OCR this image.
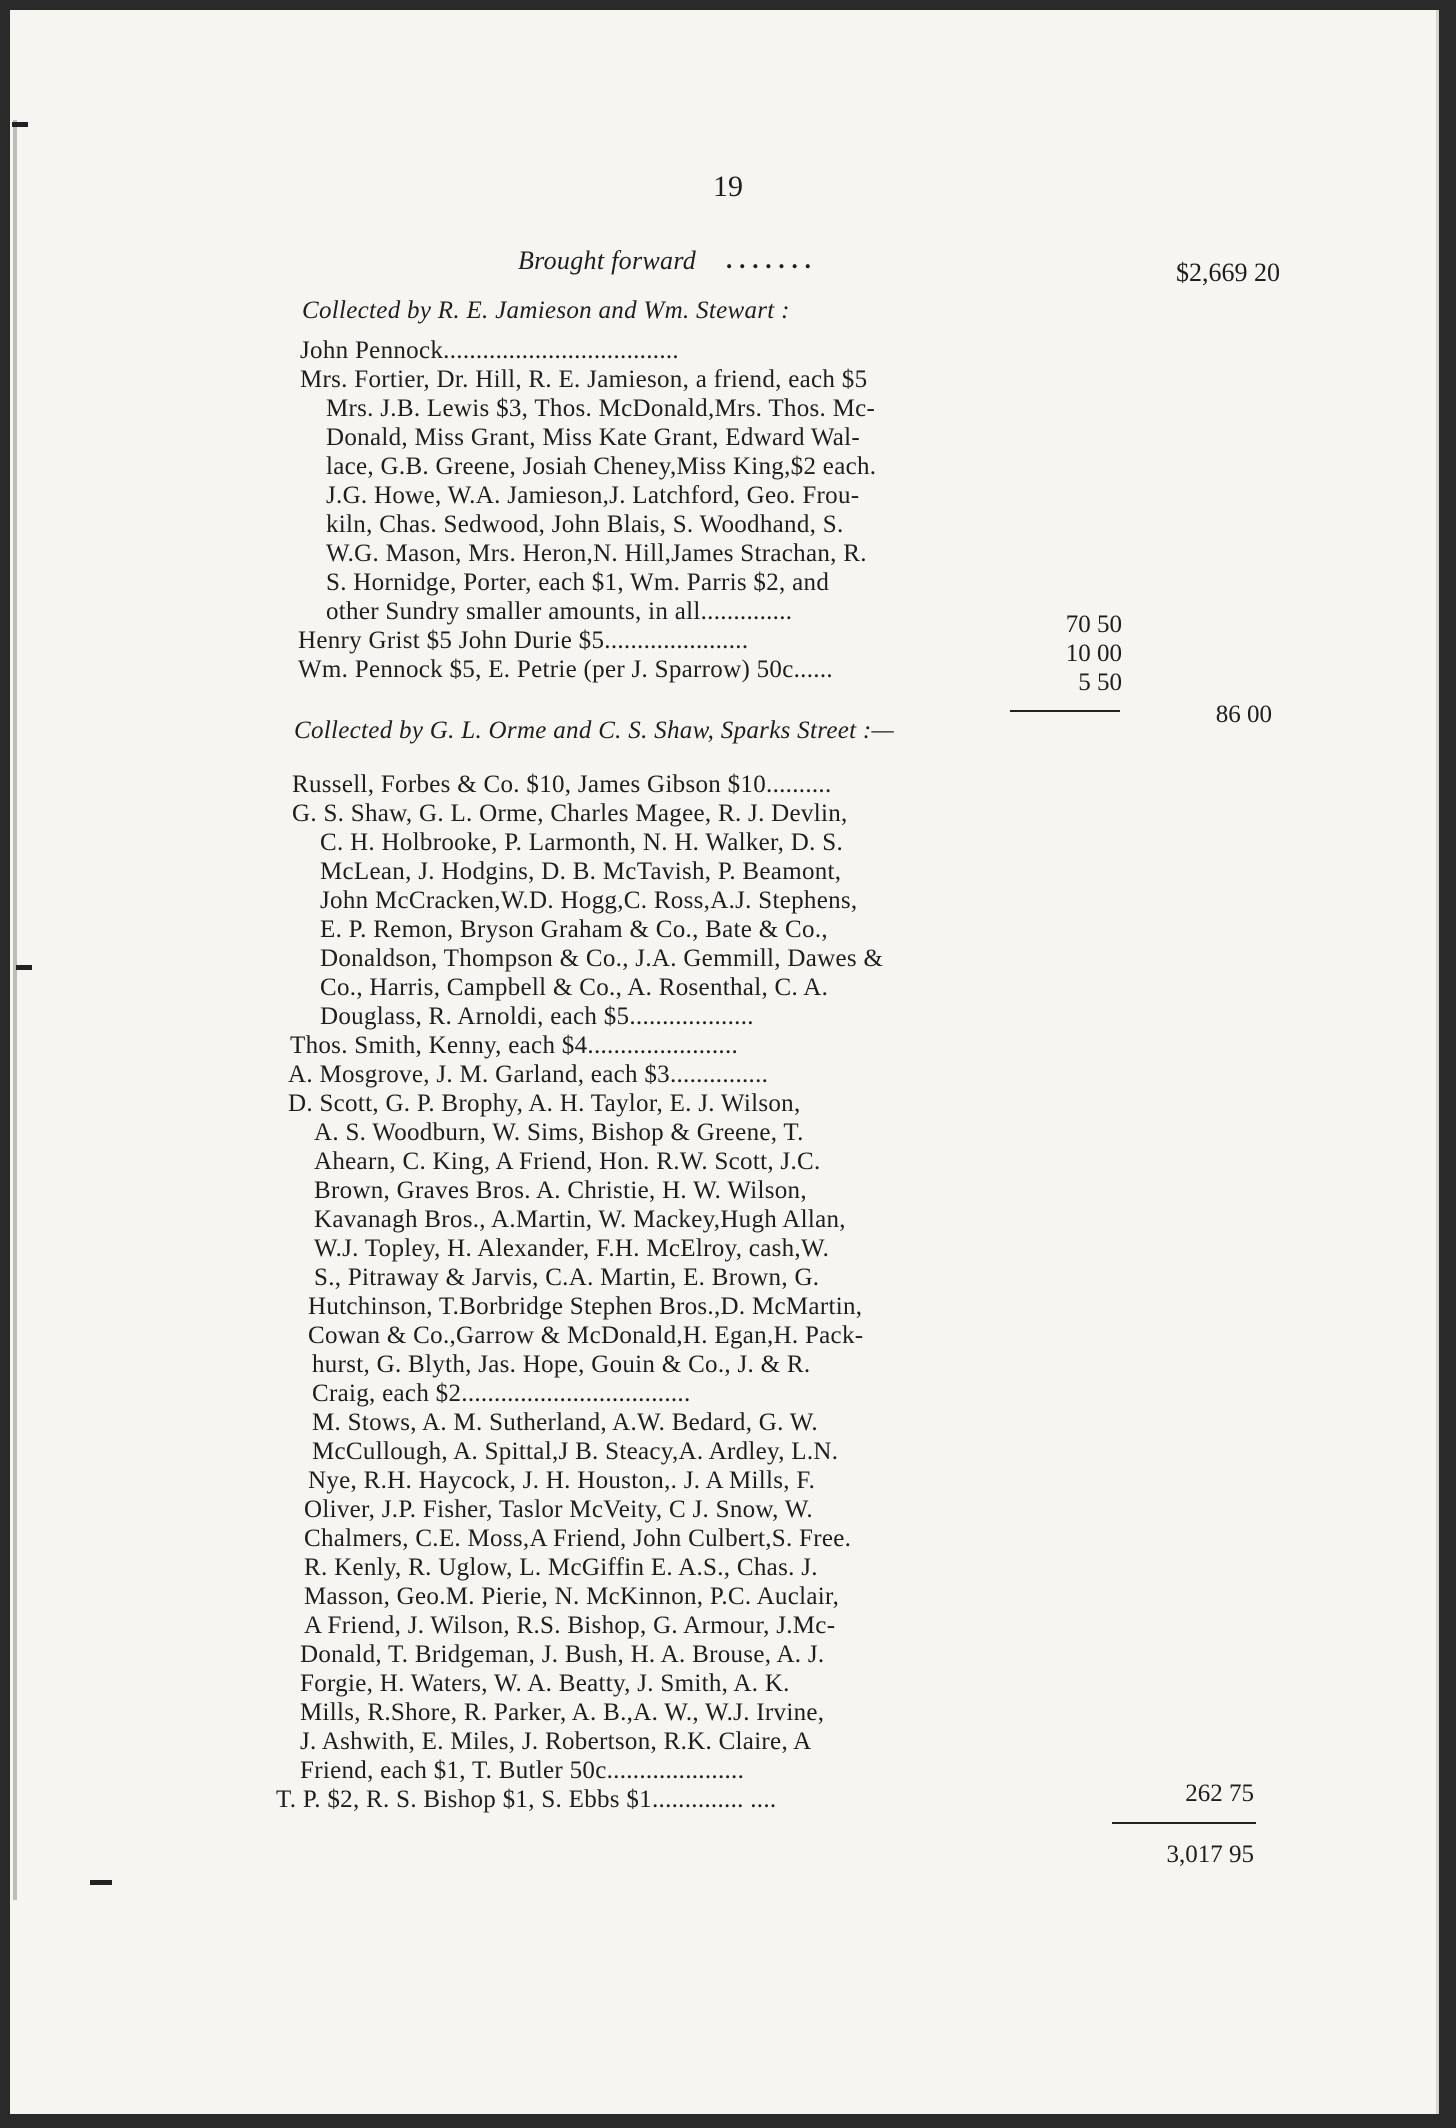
19
Brought forward . . . . . . .	$2,669 20
Collected by R. E. Jamieson and Wm. Stewart :
John Pennock....................................
Mrs. Fortier, Dr. Hill, R. E. Jamieson, a friend, each $5
Mrs. J.B. Lewis $3, Thos. McDonald,Mrs. Thos. Mc-
Donald, Miss Grant, Miss Kate Grant, Edward Wal-
lace, G.B. Greene, Josiah Cheney,Miss King,$2 each.
J.G. Howe, W.A. Jamieson,J. Latchford, Geo. Frou-
kiln, Chas. Sedwood, John Blais, S. Woodhand, S.
W.G. Mason, Mrs. Heron,N. Hill,James Strachan, R.
S. Hornidge, Porter, each $1, Wm. Parris $2, and
other Sundry smaller amounts, in all..............
Henry Grist $5 John Durie $5......................
Wm. Pennock $5, E. Petrie (per J. Sparrow) 50c......
70 50
10 00
5 50
86 00
Collected by G. L. Orme and C. S. Shaw, Sparks Street :—
Russell, Forbes & Co. $10, James Gibson $10..........
G. S. Shaw, G. L. Orme, Charles Magee, R. J. Devlin,
C. H. Holbrooke, P. Larmonth, N. H. Walker, D. S.
McLean, J. Hodgins, D. B. McTavish, P. Beamont,
John McCracken,W.D. Hogg,C. Ross,A.J. Stephens,
E. P. Remon, Bryson Graham & Co., Bate & Co.,
Donaldson, Thompson & Co., J.A. Gemmill, Dawes &
Co., Harris, Campbell & Co., A. Rosenthal, C. A.
Douglass, R. Arnoldi, each $5...................
Thos. Smith, Kenny, each $4.......................
A. Mosgrove, J. M. Garland, each $3...............
D. Scott, G. P. Brophy, A. H. Taylor, E. J. Wilson,
A. S. Woodburn, W. Sims, Bishop & Greene, T.
Ahearn, C. King, A Friend, Hon. R.W. Scott, J.C.
Brown, Graves Bros. A. Christie, H. W. Wilson,
Kavanagh Bros., A.Martin, W. Mackey,Hugh Allan,
W.J. Topley, H. Alexander, F.H. McElroy, cash,W.
S., Pitraway & Jarvis, C.A. Martin, E. Brown, G.
Hutchinson, T.Borbridge Stephen Bros.,D. McMartin,
Cowan & Co.,Garrow & McDonald,H. Egan,H. Pack-
hurst, G. Blyth, Jas. Hope, Gouin & Co., J. & R.
Craig, each $2...................................
M. Stows, A. M. Sutherland, A.W. Bedard, G. W.
McCullough, A. Spittal,J B. Steacy,A. Ardley, L.N.
Nye, R.H. Haycock, J. H. Houston,. J. A Mills, F.
Oliver, J.P. Fisher, Taslor McVeity, C J. Snow, W.
Chalmers, C.E. Moss,A Friend, John Culbert,S. Free.
R. Kenly, R. Uglow, L. McGiffin E. A.S., Chas. J.
Masson, Geo.M. Pierie, N. McKinnon, P.C. Auclair,
A Friend, J. Wilson, R.S. Bishop, G. Armour, J.Mc-
Donald, T. Bridgeman, J. Bush, H. A. Brouse, A. J.
Forgie, H. Waters, W. A. Beatty, J. Smith, A. K.
Mills, R.Shore, R. Parker, A. B.,A. W., W.J. Irvine,
J. Ashwith, E. Miles, J. Robertson, R.K. Claire, A
Friend, each $1, T. Butler 50c.....................
T. P. $2, R. S. Bishop $1, S. Ebbs $1.............. ....	262 75
3,017 95
